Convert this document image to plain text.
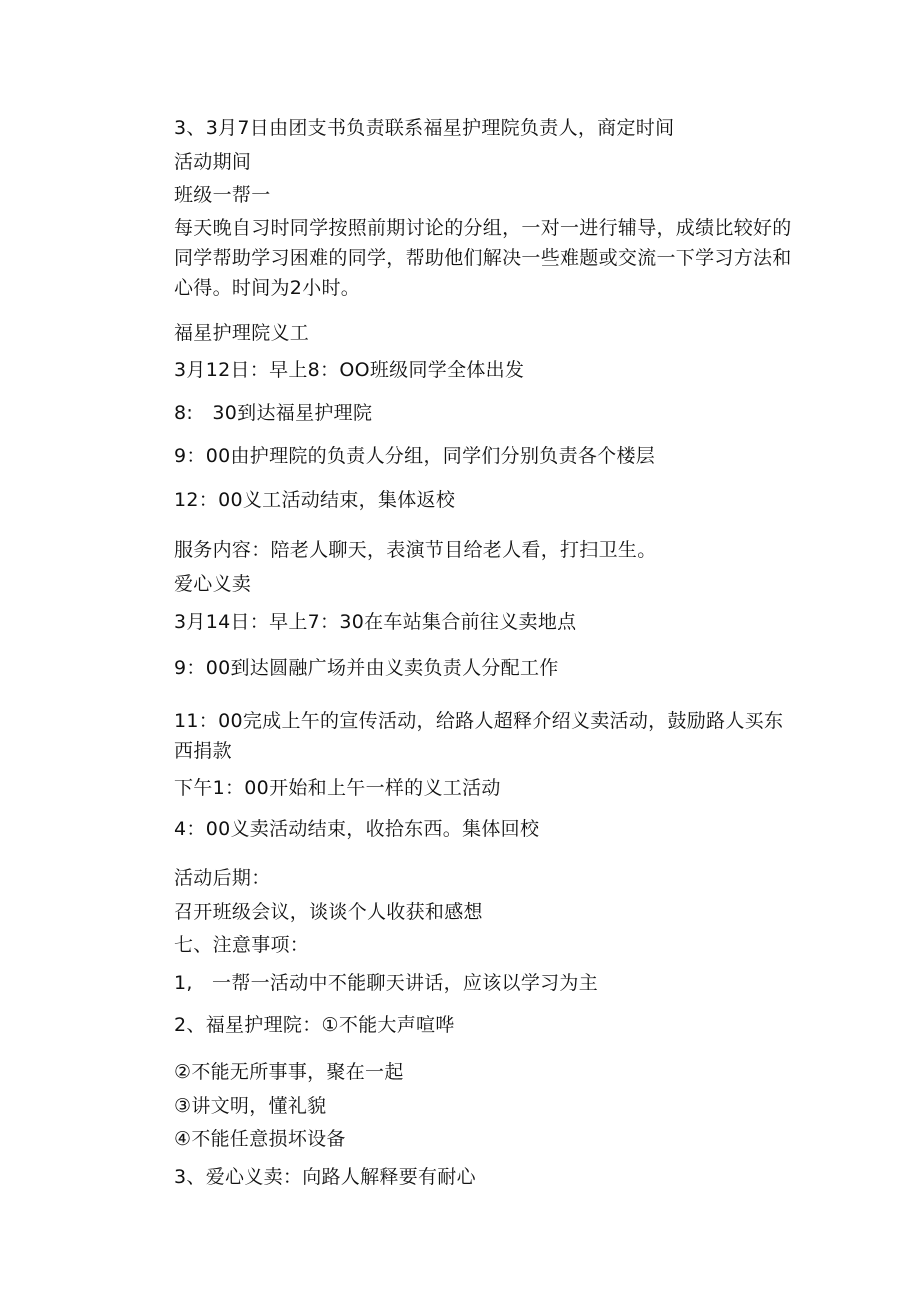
3、3月7日由团支书负责联系福星护理院负责人，商定时间
活动期间
班级一帮一
每天晚自习时同学按照前期讨论的分组，一对一进行辅导，成绩比较好的同学帮助学习困难的同学，帮助他们解决一些难题或交流一下学习方法和心得。时间为2小时。
福星护理院义工
3月12日：早上8：OO班级同学全体出发
8:　30到达福星护理院
9：00由护理院的负责人分组，同学们分别负责各个楼层
12：00义工活动结束，集体返校
服务内容：陪老人聊天，表演节目给老人看，打扫卫生。
爱心义卖
3月14日：早上7：30在车站集合前往义卖地点
9：00到达圆融广场并由义卖负责人分配工作
11：00完成上午的宣传活动，给路人超释介绍义卖活动，鼓励路人买东西捐款
下午1：00开始和上午一样的义工活动
4：00义卖活动结束，收拾东西。集体回校
活动后期：
召开班级会议，谈谈个人收获和感想
七、注意事项：
1,　一帮一活动中不能聊天讲话，应该以学习为主
2、福星护理院：①不能大声喧哗
②不能无所事事，聚在一起
③讲文明，懂礼貌
④不能任意损坏设备
3、爱心义卖：向路人解释要有耐心
